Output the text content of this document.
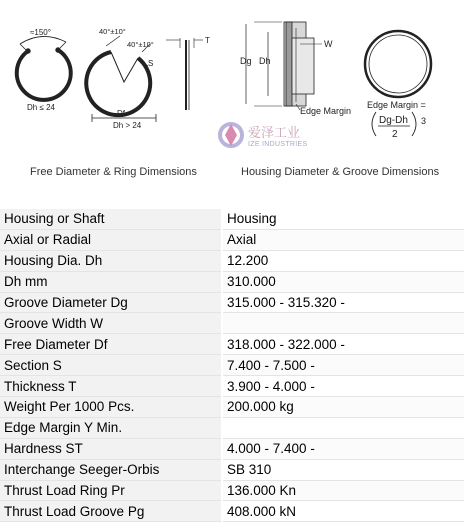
≈150°
Dh ≤ 24
40°±10°
40°±10°
S
Df
Dh > 24
T
Dg Dh
W
Edge Margin
Edge Margin =
Dg-Dh
2
3
爱泽工业
IZE INDUSTRIES
Free Diameter & Ring Dimensions	Housing Diameter & Groove Dimensions
Housing or Shaft	Housing
Axial or Radial	Axial
Housing Dia. Dh	12.200
Dh mm	310.000
Groove Diameter Dg	315.000 - 315.320 -
Groove Width W	
Free Diameter Df	318.000 - 322.000 -
Section S	7.400 - 7.500 -
Thickness T	3.900 - 4.000 -
Weight Per 1000 Pcs.	200.000 kg
Edge Margin Y Min.	
Hardness ST	4.000 - 7.400 -
Interchange Seeger-Orbis	SB 310
Thrust Load Ring Pr	136.000 Kn
Thrust Load Groove Pg	408.000 kN
